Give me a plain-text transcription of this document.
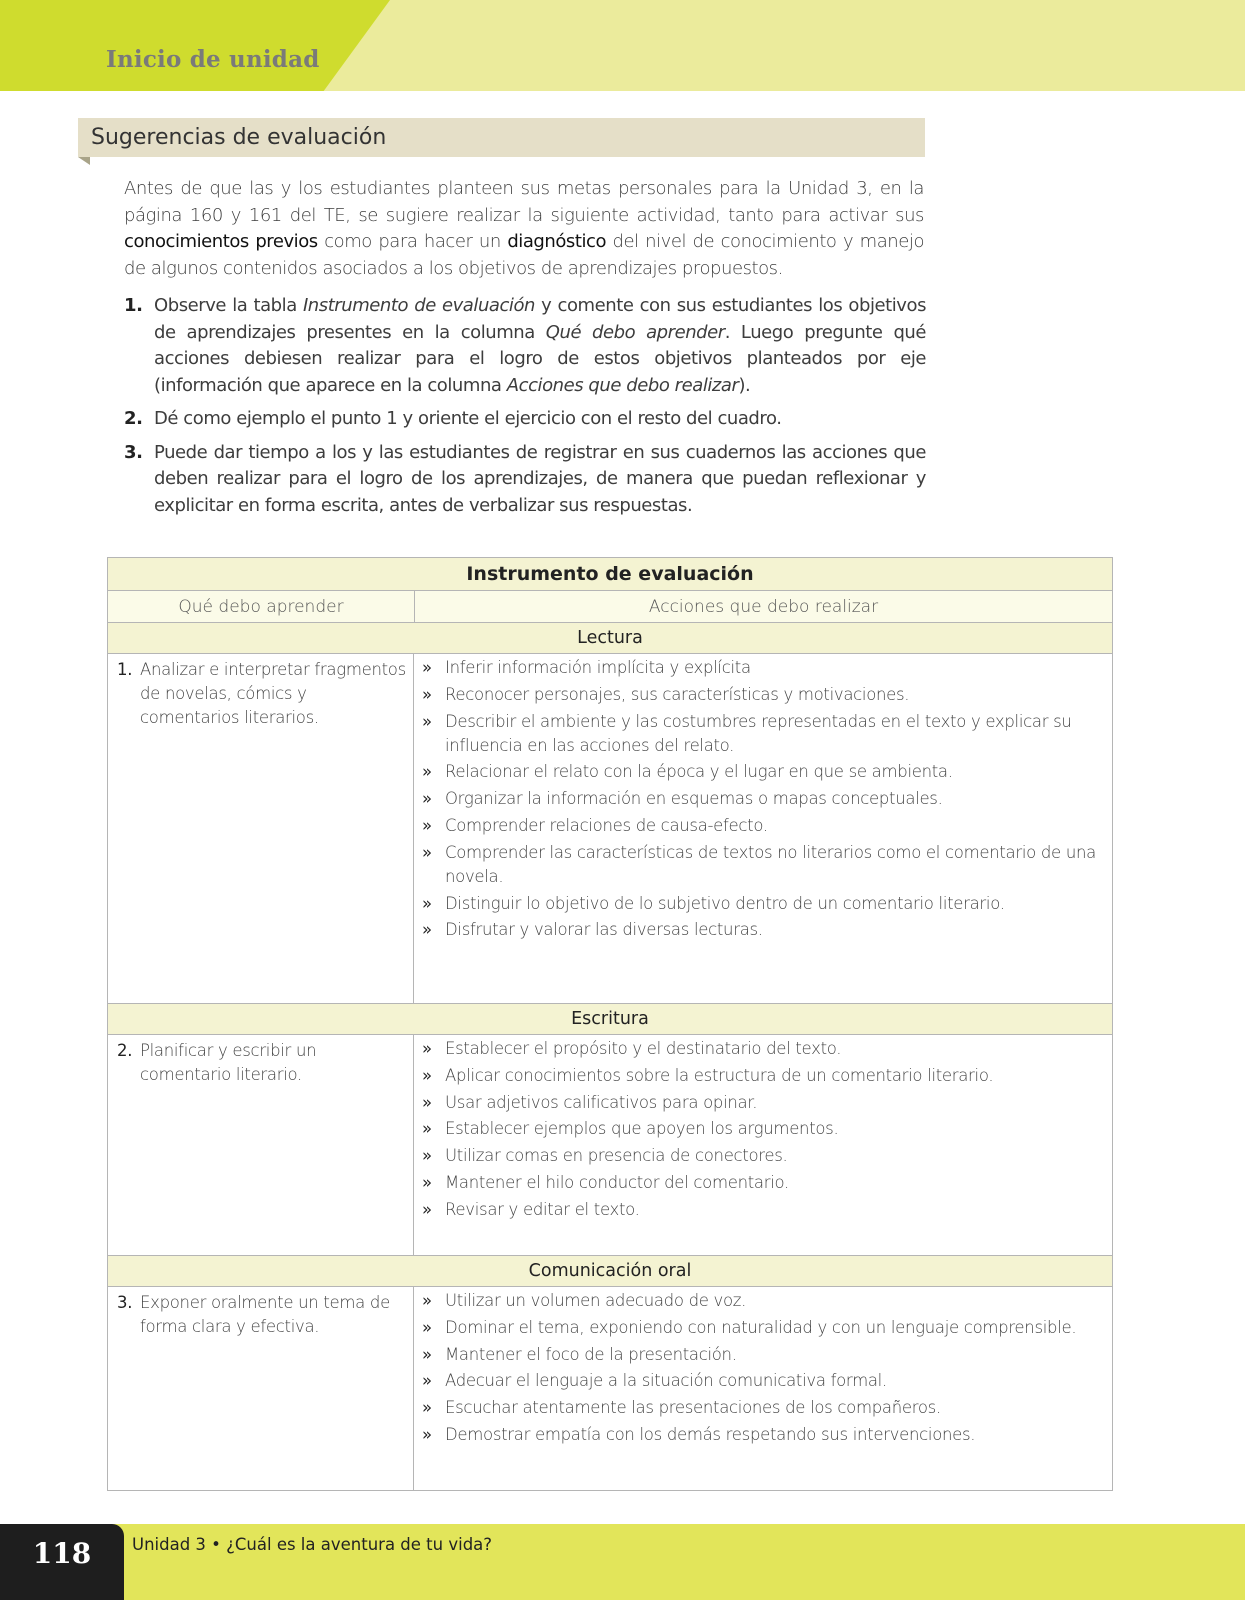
Inicio de unidad
Sugerencias de evaluación

Antes de que las y los estudiantes planteen sus metas personales para la Unidad 3, en la página 160 y 161 del TE, se sugiere realizar la siguiente actividad, tanto para activar sus conocimientos previos como para hacer un diagnóstico del nivel de conocimiento y manejo de algunos contenidos asociados a los objetivos de aprendizajes propuestos.

1. Observe la tabla Instrumento de evaluación y comente con sus estudiantes los objetivos de aprendizajes presentes en la columna Qué debo aprender. Luego pregunte qué acciones debiesen realizar para el logro de estos objetivos planteados por eje (información que aparece en la columna Acciones que debo realizar).
2. Dé como ejemplo el punto 1 y oriente el ejercicio con el resto del cuadro.
3. Puede dar tiempo a los y las estudiantes de registrar en sus cuadernos las acciones que deben realizar para el logro de los aprendizajes, de manera que puedan reflexionar y explicitar en forma escrita, antes de verbalizar sus respuestas.
Instrumento de evaluación
Qué debo aprender	Acciones que debo realizar
Lectura
1. Analizar e interpretar fragmentos de novelas, cómics y comentarios literarios.
» Inferir información implícita y explícita
» Reconocer personajes, sus características y motivaciones.
» Describir el ambiente y las costumbres representadas en el texto y explicar su influencia en las acciones del relato.
» Relacionar el relato con la época y el lugar en que se ambienta.
» Organizar la información en esquemas o mapas conceptuales.
» Comprender relaciones de causa-efecto.
» Comprender las características de textos no literarios como el comentario de una novela.
» Distinguir lo objetivo de lo subjetivo dentro de un comentario literario.
» Disfrutar y valorar las diversas lecturas.
Escritura
2. Planificar y escribir un comentario literario.
» Establecer el propósito y el destinatario del texto.
» Aplicar conocimientos sobre la estructura de un comentario literario.
» Usar adjetivos calificativos para opinar.
» Establecer ejemplos que apoyen los argumentos.
» Utilizar comas en presencia de conectores.
» Mantener el hilo conductor del comentario.
» Revisar y editar el texto.
Comunicación oral
3. Exponer oralmente un tema de forma clara y efectiva.
» Utilizar un volumen adecuado de voz.
» Dominar el tema, exponiendo con naturalidad y con un lenguaje comprensible.
» Mantener el foco de la presentación.
» Adecuar el lenguaje a la situación comunicativa formal.
» Escuchar atentamente las presentaciones de los compañeros.
» Demostrar empatía con los demás respetando sus intervenciones.
118	Unidad 3 • ¿Cuál es la aventura de tu vida?
